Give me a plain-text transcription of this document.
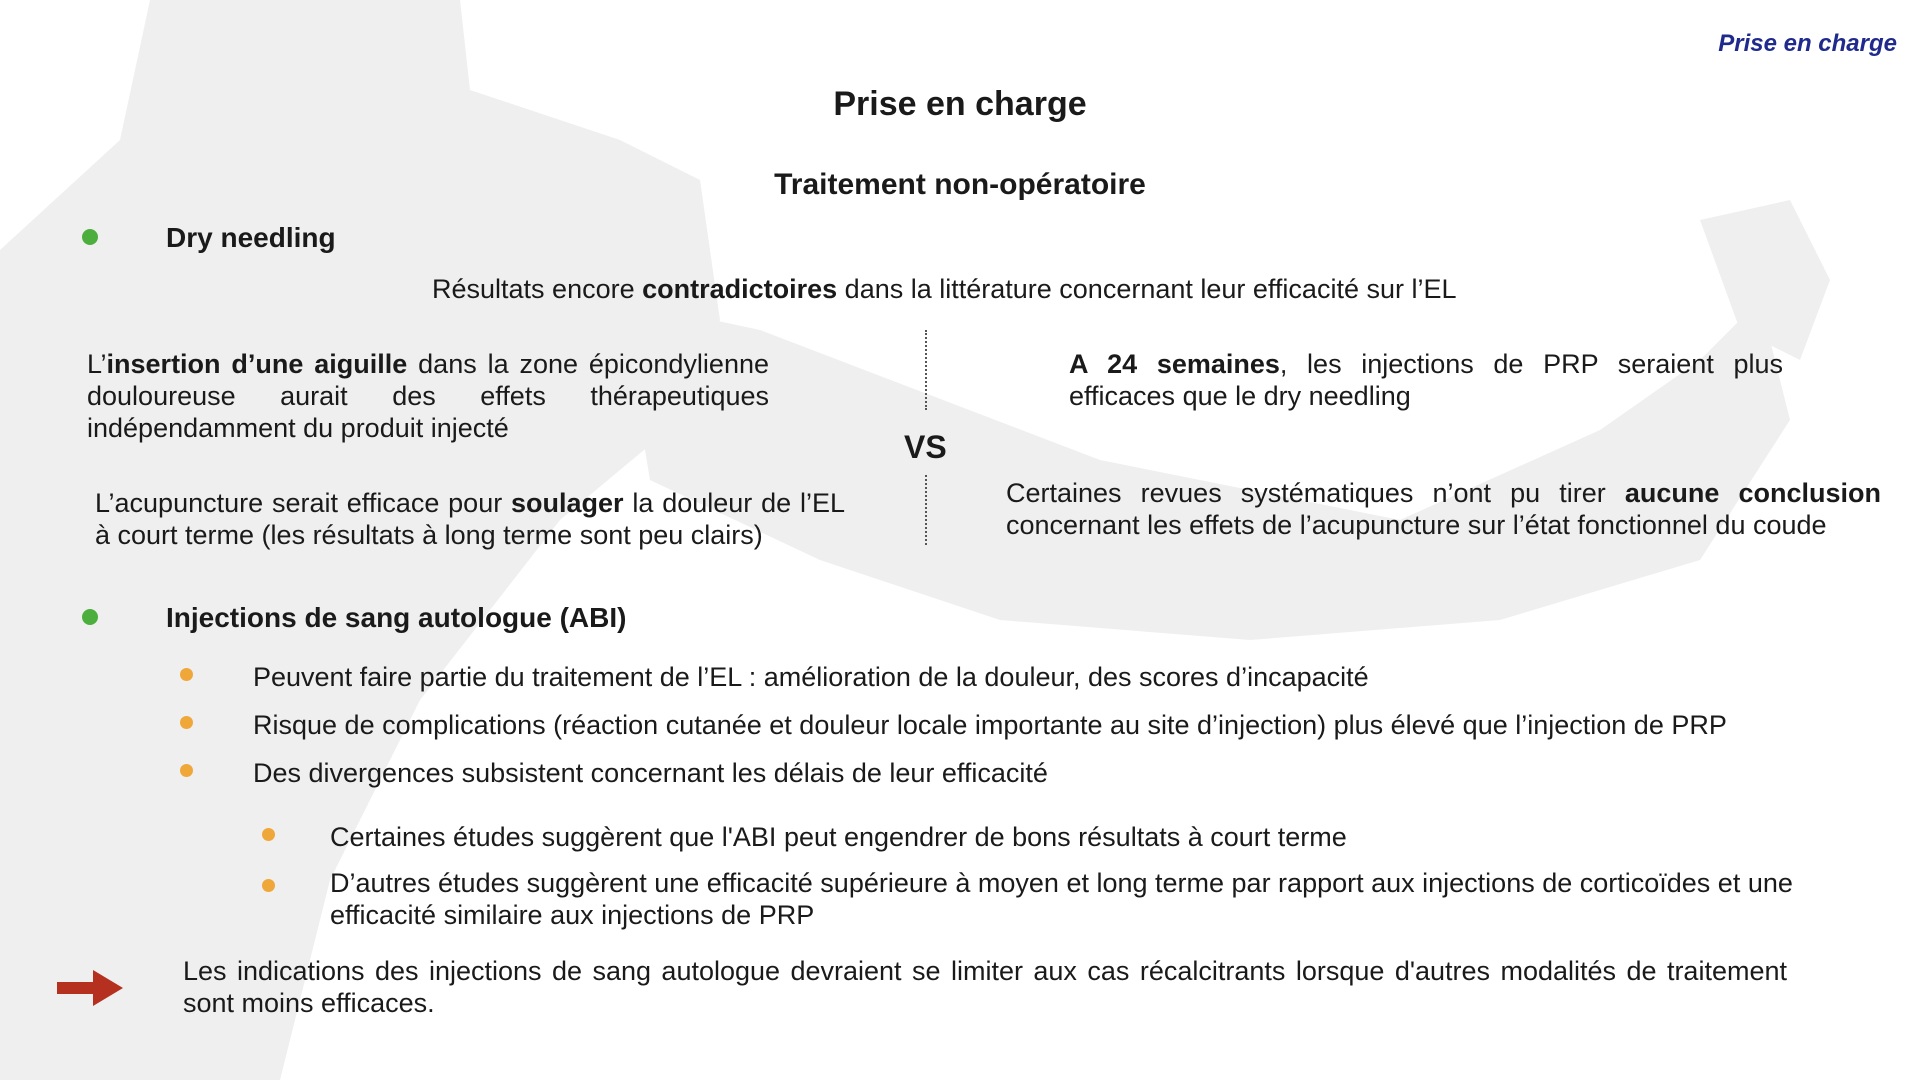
Prise en charge
Prise en charge
Traitement non-opératoire
Dry needling
Résultats encore contradictoires dans la littérature concernant leur efficacité sur l’EL
L’insertion d’une aiguille dans la zone épicondylienne douloureuse aurait des effets thérapeutiques indépendamment du produit injecté
A 24 semaines, les injections de PRP seraient plus efficaces que le dry needling
VS
L’acupuncture serait efficace pour soulager la douleur de l’EL à court terme (les résultats à long terme sont peu clairs)
Certaines revues systématiques n’ont pu tirer aucune conclusion concernant les effets de l’acupuncture sur l’état fonctionnel du coude
Injections de sang autologue (ABI)
Peuvent faire partie du traitement de l’EL : amélioration de la douleur, des scores d’incapacité
Risque de complications (réaction cutanée et douleur locale importante au site d’injection) plus élevé que l’injection de PRP
Des divergences subsistent concernant les délais de leur efficacité
Certaines études suggèrent que l'ABI peut engendrer de bons résultats à court terme
D’autres études suggèrent une efficacité supérieure à moyen et long terme par rapport aux injections de corticoïdes et une efficacité similaire aux injections de PRP
Les indications des injections de sang autologue devraient se limiter aux cas récalcitrants lorsque d'autres modalités de traitement sont moins efficaces.
